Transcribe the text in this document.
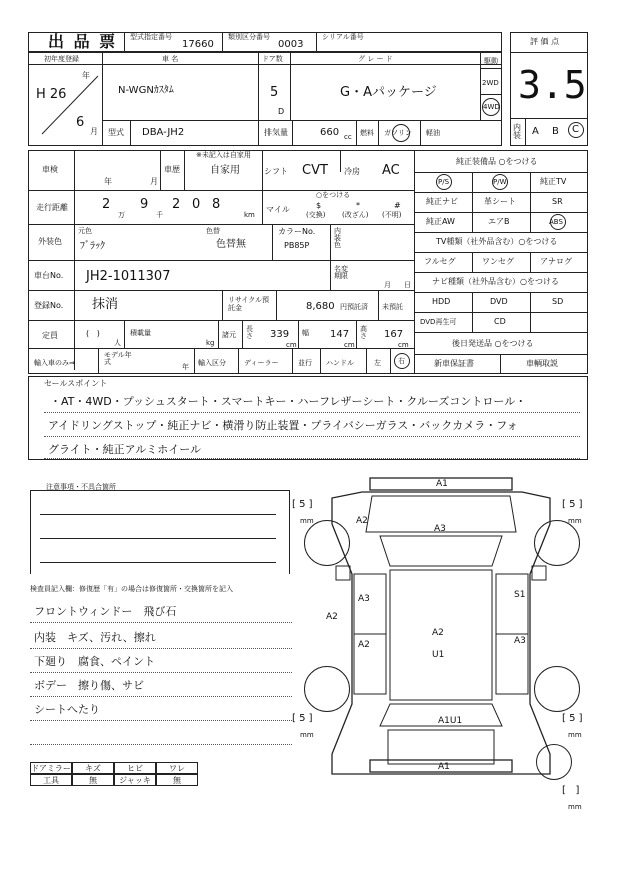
出 品 票 型式指定番号
17660
類別区分番号
0003
シリアル番号	評 価 点
3.5
内装 A B C
初年度登録
H 26
年
6
月
車 名
N-WGNｶｽﾀﾑ
型式 DBA-JH2
ドア数
5
D
グ レ ー ド
G・Aパッケージ
駆動
2WD
4WD
排気量	660 cc 燃料 ガソリン 軽油
車検
年	月
車歴
※未記入は自家用
自家用	シフト CVT 冷房 AC
走行距離	2
万
9
千
2 0 8
km
○をつける
マイル	$
(交換)
*
(改ざん)
#
(不明)
外装色
元色
ﾌﾞﾗｯｸ
色替
色替無
カラーNo.
PB85P
内装色
車台No. JH2-1011307	名変期限
月 日
登録No. 抹消	リサイクル預託金	8,680 円預託済 未預託
定員	(   )
人
積載量
kg
諸元
長さ 339
cm
幅 147
cm
高さ 167
cm
輸入車のみ⇒
モデル年式
年 輸入区分	ディーラー	並行 ハンドル	左 右
純正装備品 ○をつける
P/S	P/W	純正TV
純正ナビ	革シート	SR
純正AW	エアB	ABS
TV種類（社外品含む）○をつける
フルセグ	ワンセグ	アナログ
ナビ種類（社外品含む）○をつける
HDD	DVD	SD
DVD再生可	CD
後日発送品 ○をつける
新車保証書	車輌取説
セールスポイント
・AT・4WD・プッシュスタート・スマートキー・ハーフレザーシート・クルーズコントロール・
アイドリングストップ・純正ナビ・横滑り防止装置・プライバシーガラス・バックカメラ・フォ
グライト・純正アルミホイール
注意事項・不具合箇所
検査員記入欄：修復歴「有」の場合は修復箇所・交換箇所を記入
フロントウィンドー　飛び石
内装　キズ、汚れ、擦れ
下廻り　腐食、ペイント
ボデー　擦り傷、サビ
シートへたり
ドアミラー キズ	ヒビ	ワレ
工具	無	ジャッキ	無
A1
A2
A3
A3
A2
A2
A2
U1
S1
A3
A1U1
A1
[ 5 ]
mm
[ 5 ]
mm
[ 5 ]
mm
[ 5 ]
mm
[   ]
mm
